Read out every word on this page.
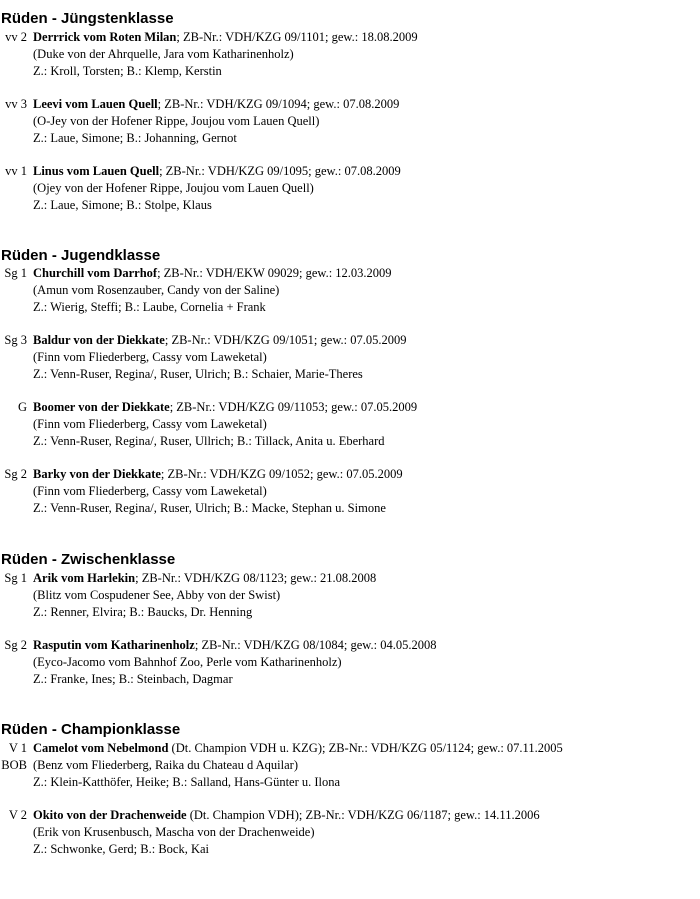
Rüden - Jüngstenklasse
vv 2 Derrrick vom Roten Milan; ZB-Nr.: VDH/KZG 09/1101; gew.: 18.08.2009
(Duke von der Ahrquelle, Jara vom Katharinenholz)
Z.: Kroll, Torsten; B.: Klemp, Kerstin
vv 3 Leevi vom Lauen Quell; ZB-Nr.: VDH/KZG 09/1094; gew.: 07.08.2009
(O-Jey von der Hofener Rippe, Joujou vom Lauen Quell)
Z.: Laue, Simone; B.: Johanning, Gernot
vv 1 Linus vom Lauen Quell; ZB-Nr.: VDH/KZG 09/1095; gew.: 07.08.2009
(Ojey von der Hofener Rippe, Joujou vom Lauen Quell)
Z.: Laue, Simone; B.: Stolpe, Klaus
Rüden - Jugendklasse
Sg 1 Churchill vom Darrhof; ZB-Nr.: VDH/EKW 09029; gew.: 12.03.2009
(Amun vom Rosenzauber, Candy von der Saline)
Z.: Wierig, Steffi; B.: Laube, Cornelia + Frank
Sg 3 Baldur von der Diekkate; ZB-Nr.: VDH/KZG 09/1051; gew.: 07.05.2009
(Finn vom Fliederberg, Cassy vom Laweketal)
Z.: Venn-Ruser, Regina/, Ruser, Ulrich; B.: Schaier, Marie-Theres
G Boomer von der Diekkate; ZB-Nr.: VDH/KZG 09/11053; gew.: 07.05.2009
(Finn vom Fliederberg, Cassy vom Laweketal)
Z.: Venn-Ruser, Regina/, Ruser, Ullrich; B.: Tillack, Anita u. Eberhard
Sg 2 Barky von der Diekkate; ZB-Nr.: VDH/KZG 09/1052; gew.: 07.05.2009
(Finn vom Fliederberg, Cassy vom Laweketal)
Z.: Venn-Ruser, Regina/, Ruser, Ulrich; B.: Macke, Stephan u. Simone
Rüden - Zwischenklasse
Sg 1 Arik vom Harlekin; ZB-Nr.: VDH/KZG 08/1123; gew.: 21.08.2008
(Blitz vom Cospudener See, Abby von der Swist)
Z.: Renner, Elvira; B.: Baucks, Dr. Henning
Sg 2 Rasputin vom Katharinenholz; ZB-Nr.: VDH/KZG 08/1084; gew.: 04.05.2008
(Eyco-Jacomo vom Bahnhof Zoo, Perle vom Katharinenholz)
Z.: Franke, Ines; B.: Steinbach, Dagmar
Rüden - Championklasse
V 1
BOB
Camelot vom Nebelmond (Dt. Champion VDH u. KZG); ZB-Nr.: VDH/KZG 05/1124; gew.: 07.11.2005
(Benz vom Fliederberg, Raika du Chateau d Aquilar)
Z.: Klein-Katthöfer, Heike; B.: Salland, Hans-Günter u. Ilona
V 2 Okito von der Drachenweide (Dt. Champion VDH); ZB-Nr.: VDH/KZG 06/1187; gew.: 14.11.2006
(Erik von Krusenbusch, Mascha von der Drachenweide)
Z.: Schwonke, Gerd; B.: Bock, Kai
